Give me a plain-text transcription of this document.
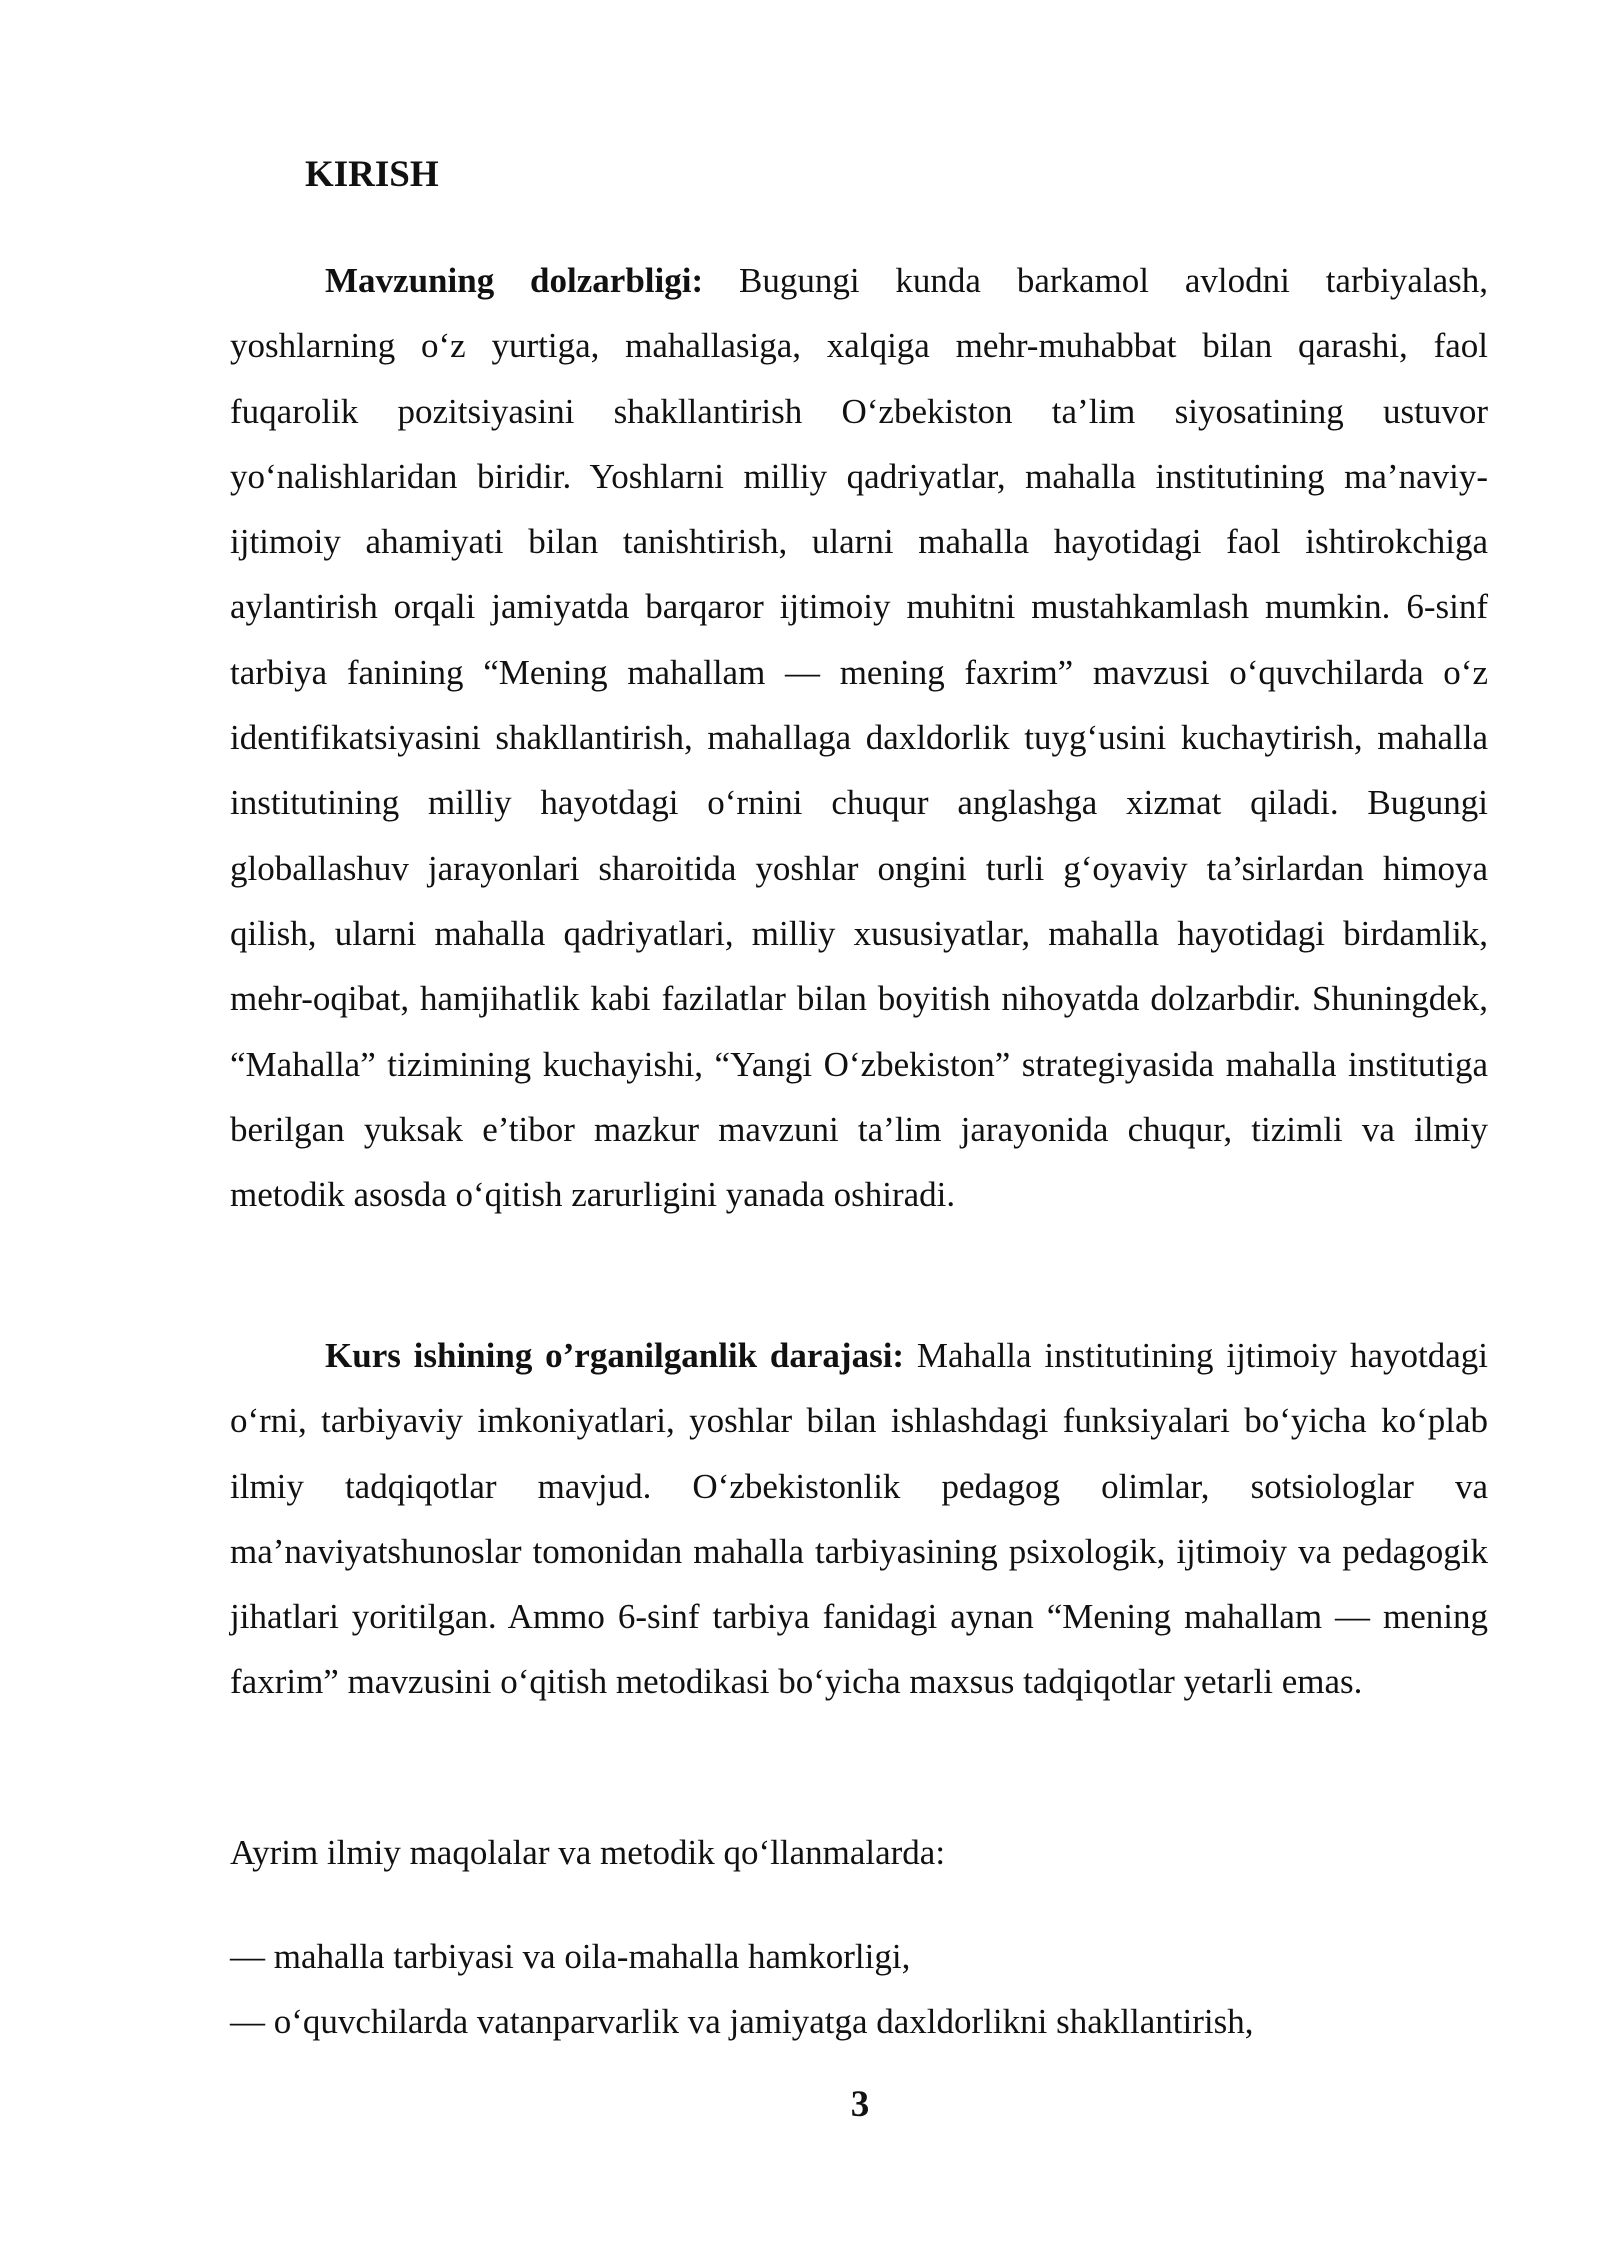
KIRISH

Mavzuning dolzarbligi: Bugungi kunda barkamol avlodni tarbiyalash, yoshlarning o‘z yurtiga, mahallasiga, xalqiga mehr-muhabbat bilan qarashi, faol fuqarolik pozitsiyasini shakllantirish O‘zbekiston ta’lim siyosatining ustuvor yo‘nalishlaridan biridir. Yoshlarni milliy qadriyatlar, mahalla institutining ma’naviy-ijtimoiy ahamiyati bilan tanishtirish, ularni mahalla hayotidagi faol ishtirokchiga aylantirish orqali jamiyatda barqaror ijtimoiy muhitni mustahkamlash mumkin. 6-sinf tarbiya fanining “Mening mahallam — mening faxrim” mavzusi o‘quvchilarda o‘z identifikatsiyasini shakllantirish, mahallaga daxldorlik tuyg‘usini kuchaytirish, mahalla institutining milliy hayotdagi o‘rnini chuqur anglashga xizmat qiladi. Bugungi globallashuv jarayonlari sharoitida yoshlar ongini turli g‘oyaviy ta’sirlardan himoya qilish, ularni mahalla qadriyatlari, milliy xususiyatlar, mahalla hayotidagi birdamlik, mehr-oqibat, hamjihatlik kabi fazilatlar bilan boyitish nihoyatda dolzarbdir. Shuningdek, “Mahalla” tizimining kuchayishi, “Yangi O‘zbekiston” strategiyasida mahalla institutiga berilgan yuksak e’tibor mazkur mavzuni ta’lim jarayonida chuqur, tizimli va ilmiy metodik asosda o‘qitish zarurligini yanada oshiradi.

Kurs ishining o’rganilganlik darajasi: Mahalla institutining ijtimoiy hayotdagi o‘rni, tarbiyaviy imkoniyatlari, yoshlar bilan ishlashdagi funksiyalari bo‘yicha ko‘plab ilmiy tadqiqotlar mavjud. O‘zbekistonlik pedagog olimlar, sotsiologlar va ma’naviyatshunoslar tomonidan mahalla tarbiyasining psixologik, ijtimoiy va pedagogik jihatlari yoritilgan. Ammo 6-sinf tarbiya fanidagi aynan “Mening mahallam — mening faxrim” mavzusini o‘qitish metodikasi bo‘yicha maxsus tadqiqotlar yetarli emas.

Ayrim ilmiy maqolalar va metodik qo‘llanmalarda:

— mahalla tarbiyasi va oila-mahalla hamkorligi,
— o‘quvchilarda vatanparvarlik va jamiyatga daxldorlikni shakllantirish,
3
